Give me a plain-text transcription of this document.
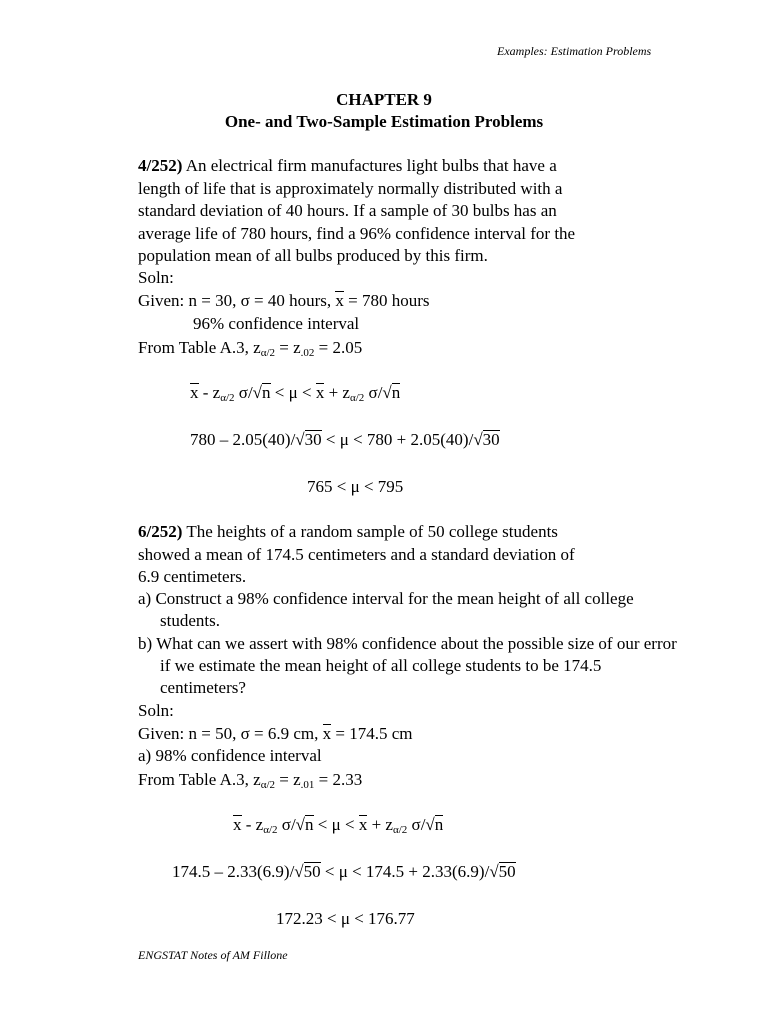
Examples: Estimation Problems
CHAPTER 9
One- and Two-Sample Estimation Problems
4/252) An electrical firm manufactures light bulbs that have a
length of life that is approximately normally distributed with a
standard deviation of 40 hours. If a sample of 30 bulbs has an
average life of 780 hours, find a 96% confidence interval for the
population mean of all bulbs produced by this firm.
Soln:
Given: n = 30, σ = 40 hours, x = 780 hours
96% confidence interval
From Table A.3, $z_{\alpha/2} = z_{.02} = 2.05$
x - $z_{\alpha/2}$ $\sigma/√n < \mu < x + z_{\alpha/2}$ σ/√n
780 – 2.05(40)/√30 < μ < 780 + 2.05(40)/√30
765 < μ < 795
6/252) The heights of a random sample of 50 college students
showed a mean of 174.5 centimeters and a standard deviation of
6.9 centimeters.
a) Construct a 98% confidence interval for the mean height of all college students.
b) What can we assert with 98% confidence about the possible size of our error if we estimate the mean height of all college students to be 174.5 centimeters?
Soln:
Given: n = 50, σ = 6.9 cm, x = 174.5 cm
a) 98% confidence interval
From Table A.3, $z_{\alpha/2} = z_{.01} = 2.33$
x - $z_{\alpha/2}$ $\sigma/√n < \mu < x + z_{\alpha/2}$ σ/√n
174.5 – 2.33(6.9)/√50 < μ < 174.5 + 2.33(6.9)/√50
172.23 < μ < 176.77
ENGSTAT Notes of AM Fillone
